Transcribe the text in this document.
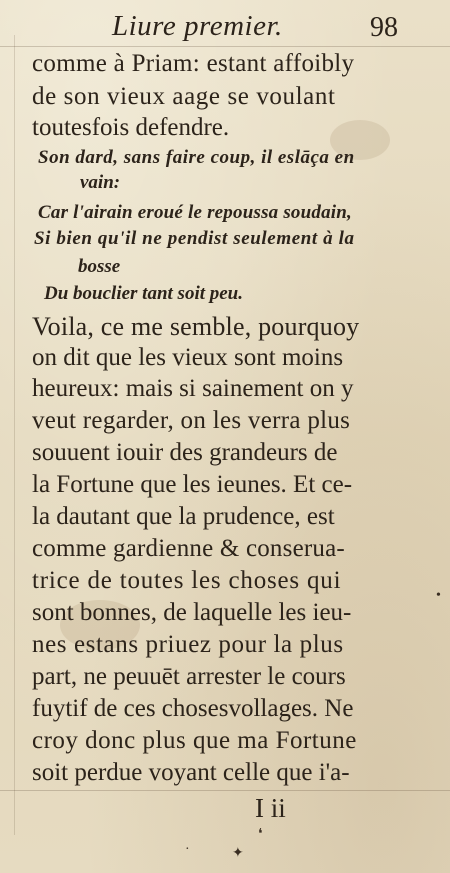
Liure premier.	98
comme à Priam: estant affoibly
de son vieux aage se voulant
toutesfois defendre.
Son dard, sans faire coup, il eslāça en
vain:
Car l'airain eroué le repoussa soudain,
Si bien qu'il ne pendist seulement à la
bosse
Du bouclier tant soit peu.
Voila, ce me semble, pourquoy
on dit que les vieux sont moins
heureux: mais si sainement on y
veut regarder, on les verra plus
souuent iouir des grandeurs de
la Fortune que les ieunes. Et ce-
la dautant que la prudence, est
comme gardienne & conserua-
trice de toutes les choses qui
sont bonnes, de laquelle les ieu-
nes estans priuez pour la plus
part, ne peuuēt arrester le cours
fuytif de ces chosesvollages. Ne
croy donc plus que ma Fortune
soit perdue voyant celle que i'a-
I ii
❛
✦
·
•
